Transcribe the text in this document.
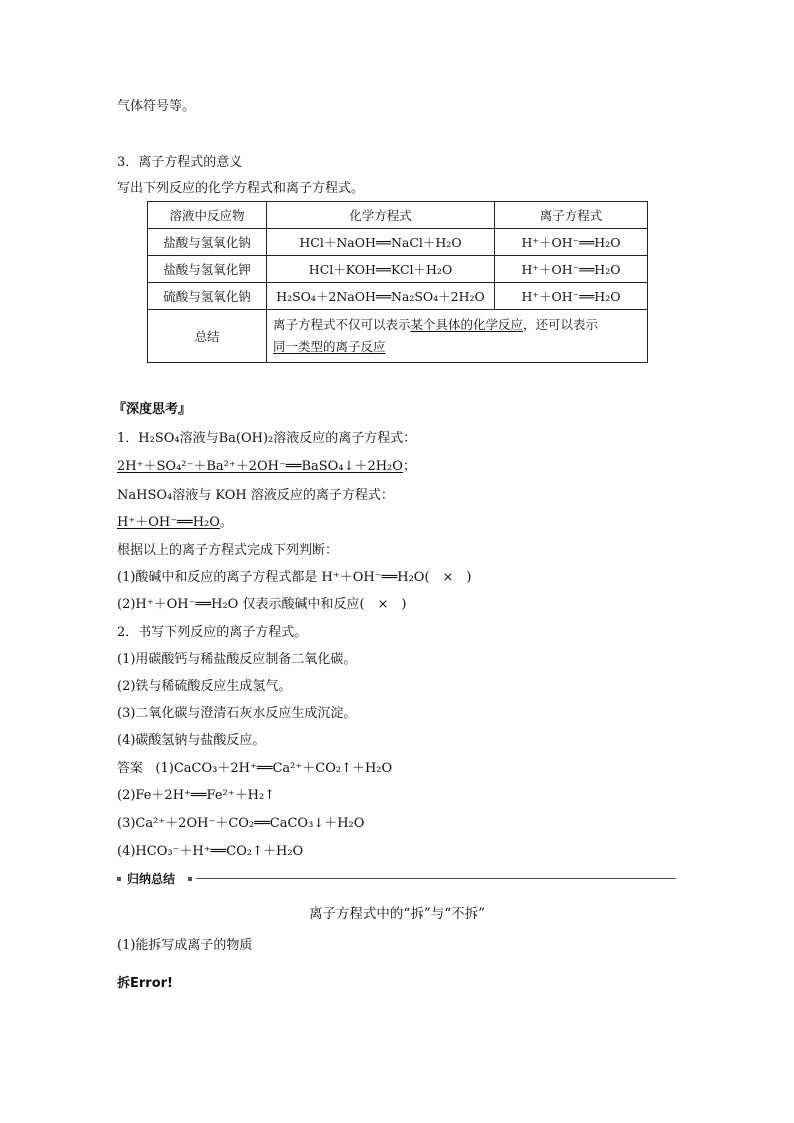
气体符号等。
3．离子方程式的意义
写出下列反应的化学方程式和离子方程式。
溶液中反应物	化学方程式	离子方程式
盐酸与氢氧化钠	HCl＋NaOH══NaCl＋H₂O	H⁺＋OH⁻══H₂O
盐酸与氢氧化钾	HCl＋KOH══KCl＋H₂O	H⁺＋OH⁻══H₂O
硫酸与氢氧化钠	H₂SO₄＋2NaOH══Na₂SO₄＋2H₂O	H⁺＋OH⁻══H₂O
总结	离子方程式不仅可以表示某个具体的化学反应，还可以表示
同一类型的离子反应	
『深度思考』
1．H₂SO₄溶液与Ba(OH)₂溶液反应的离子方程式：
2H⁺＋SO₄²⁻＋Ba²⁺＋2OH⁻══BaSO₄↓＋2H₂O；
NaHSO₄溶液与 KOH 溶液反应的离子方程式：
H⁺＋OH⁻══H₂O。
根据以上的离子方程式完成下列判断：
(1)酸碱中和反应的离子方程式都是 H⁺＋OH⁻══H₂O(　×　)
(2)H⁺＋OH⁻══H₂O 仅表示酸碱中和反应(　×　)
2．书写下列反应的离子方程式。
(1)用碳酸钙与稀盐酸反应制备二氧化碳。
(2)铁与稀硫酸反应生成氢气。
(3)二氧化碳与澄清石灰水反应生成沉淀。
(4)碳酸氢钠与盐酸反应。
答案 (1)CaCO₃＋2H⁺══Ca²⁺＋CO₂↑＋H₂O
(2)Fe＋2H⁺══Fe²⁺＋H₂↑
(3)Ca²⁺＋2OH⁻＋CO₂══CaCO₃↓＋H₂O
(4)HCO₃⁻＋H⁺══CO₂↑＋H₂O
归纳总结
离子方程式中的“拆”与“不拆”
(1)能拆写成离子的物质
拆Error!
